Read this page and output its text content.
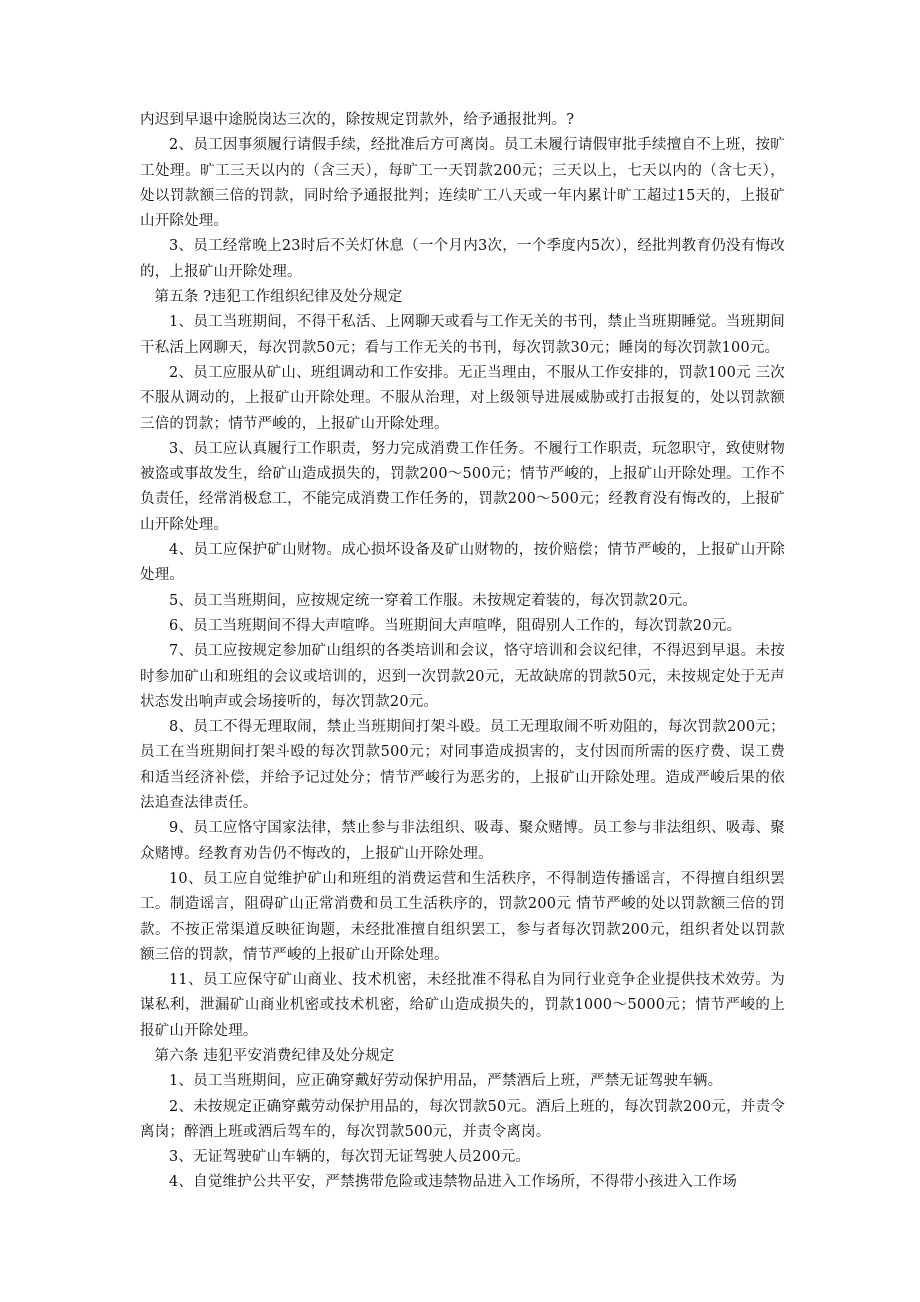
内迟到早退中途脱岗达三次的，除按规定罚款外，给予通报批判。?

2、员工因事须履行请假手续，经批准后方可离岗。员工未履行请假审批手续擅自不上班，按旷工处理。旷工三天以内的（含三天），每旷工一天罚款200元；三天以上，七天以内的（含七天），处以罚款额三倍的罚款，同时给予通报批判；连续旷工八天或一年内累计旷工超过15天的，上报矿山开除处理。

3、员工经常晚上23时后不关灯休息（一个月内3次，一个季度内5次），经批判教育仍没有悔改的，上报矿山开除处理。

第五条 ?违犯工作组织纪律及处分规定

1、员工当班期间，不得干私活、上网聊天或看与工作无关的书刊，禁止当班期睡觉。当班期间干私活上网聊天，每次罚款50元；看与工作无关的书刊，每次罚款30元；睡岗的每次罚款100元。

2、员工应服从矿山、班组调动和工作安排。无正当理由，不服从工作安排的，罚款100元 三次不服从调动的，上报矿山开除处理。不服从治理，对上级领导进展威胁或打击报复的，处以罚款额三倍的罚款；情节严峻的，上报矿山开除处理。

3、员工应认真履行工作职责，努力完成消费工作任务。不履行工作职责，玩忽职守，致使财物被盗或事故发生，给矿山造成损失的，罚款200～500元；情节严峻的，上报矿山开除处理。工作不负责任，经常消极怠工，不能完成消费工作任务的，罚款200～500元；经教育没有悔改的，上报矿山开除处理。

4、员工应保护矿山财物。成心损坏设备及矿山财物的，按价赔偿；情节严峻的，上报矿山开除处理。

5、员工当班期间，应按规定统一穿着工作服。未按规定着装的，每次罚款20元。

6、员工当班期间不得大声喧哗。当班期间大声喧哗，阻碍别人工作的，每次罚款20元。

7、员工应按规定参加矿山组织的各类培训和会议，恪守培训和会议纪律，不得迟到早退。未按时参加矿山和班组的会议或培训的，迟到一次罚款20元，无故缺席的罚款50元，未按规定处于无声状态发出响声或会场接听的，每次罚款20元。

8、员工不得无理取闹，禁止当班期间打架斗殴。员工无理取闹不听劝阻的，每次罚款200元；员工在当班期间打架斗殴的每次罚款500元；对同事造成损害的，支付因而所需的医疗费、误工费和适当经济补偿，并给予记过处分；情节严峻行为恶劣的，上报矿山开除处理。造成严峻后果的依法追查法律责任。

9、员工应恪守国家法律，禁止参与非法组织、吸毒、聚众赌博。员工参与非法组织、吸毒、聚众赌博。经教育劝告仍不悔改的，上报矿山开除处理。

10、员工应自觉维护矿山和班组的消费运营和生活秩序，不得制造传播谣言，不得擅自组织罢工。制造谣言，阻碍矿山正常消费和员工生活秩序的，罚款200元 情节严峻的处以罚款额三倍的罚款。不按正常渠道反映征询题，未经批准擅自组织罢工，参与者每次罚款200元，组织者处以罚款额三倍的罚款，情节严峻的上报矿山开除处理。

11、员工应保守矿山商业、技术机密，未经批准不得私自为同行业竞争企业提供技术效劳。为谋私利，泄漏矿山商业机密或技术机密，给矿山造成损失的，罚款1000～5000元；情节严峻的上报矿山开除处理。

第六条 违犯平安消费纪律及处分规定

1、员工当班期间，应正确穿戴好劳动保护用品，严禁酒后上班，严禁无证驾驶车辆。

2、未按规定正确穿戴劳动保护用品的，每次罚款50元。酒后上班的，每次罚款200元，并责令离岗；醉酒上班或酒后驾车的，每次罚款500元，并责令离岗。

3、无证驾驶矿山车辆的，每次罚无证驾驶人员200元。

4、自觉维护公共平安，严禁携带危险或违禁物品进入工作场所，不得带小孩进入工作场
